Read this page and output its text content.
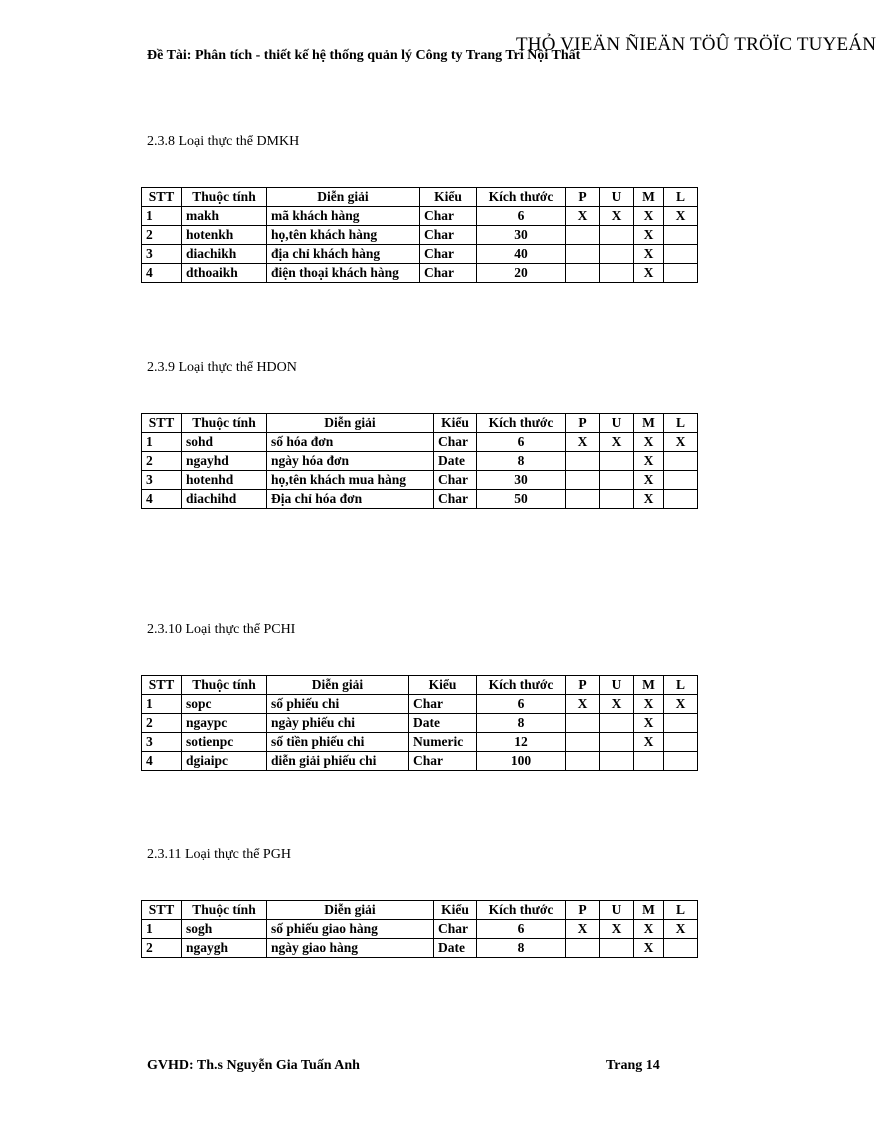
THỎ VIEÄN ÑIEÄN TÖÛ TRÖÏC TUYEÁN
Đề Tài: Phân tích - thiết kế hệ thống quản lý Công ty Trang Trí Nội Thất
2.3.8 Loại thực thể DMKH
STT	Thuộc tính	Diễn giải	Kiểu	Kích thước	P	U	M	L
1	makh	mã khách hàng	Char	6	X	X	X	X
2	hotenkh	họ,tên khách hàng	Char	30			X	
3	diachikh	địa chỉ khách hàng	Char	40			X	
4	dthoaikh	điện thoại khách hàng	Char	20			X	
2.3.9 Loại thực thể HDON
STT	Thuộc tính	Diễn giải	Kiểu	Kích thước	P	U	M	L
1	sohd	số hóa đơn	Char	6	X	X	X	X
2	ngayhd	ngày hóa đơn	Date	8			X	
3	hotenhd	họ,tên khách mua hàng	Char	30			X	
4	diachihd	Địa chỉ hóa đơn	Char	50			X	
2.3.10 Loại thực thể PCHI
STT	Thuộc tính	Diễn giải	Kiểu	Kích thước	P	U	M	L
1	sopc	số phiếu chi	Char	6	X	X	X	X
2	ngaypc	ngày phiếu chi	Date	8			X	
3	sotienpc	số tiền phiếu chi	Numeric	12			X	
4	dgiaipc	diễn giải phiếu chi	Char	100				
2.3.11 Loại thực thể PGH
STT	Thuộc tính	Diễn giải	Kiểu	Kích thước	P	U	M	L
1	sogh	số phiếu giao hàng	Char	6	X	X	X	X
2	ngaygh	ngày giao hàng	Date	8			X	
GVHD: Th.s Nguyễn Gia Tuấn Anh	Trang 14
